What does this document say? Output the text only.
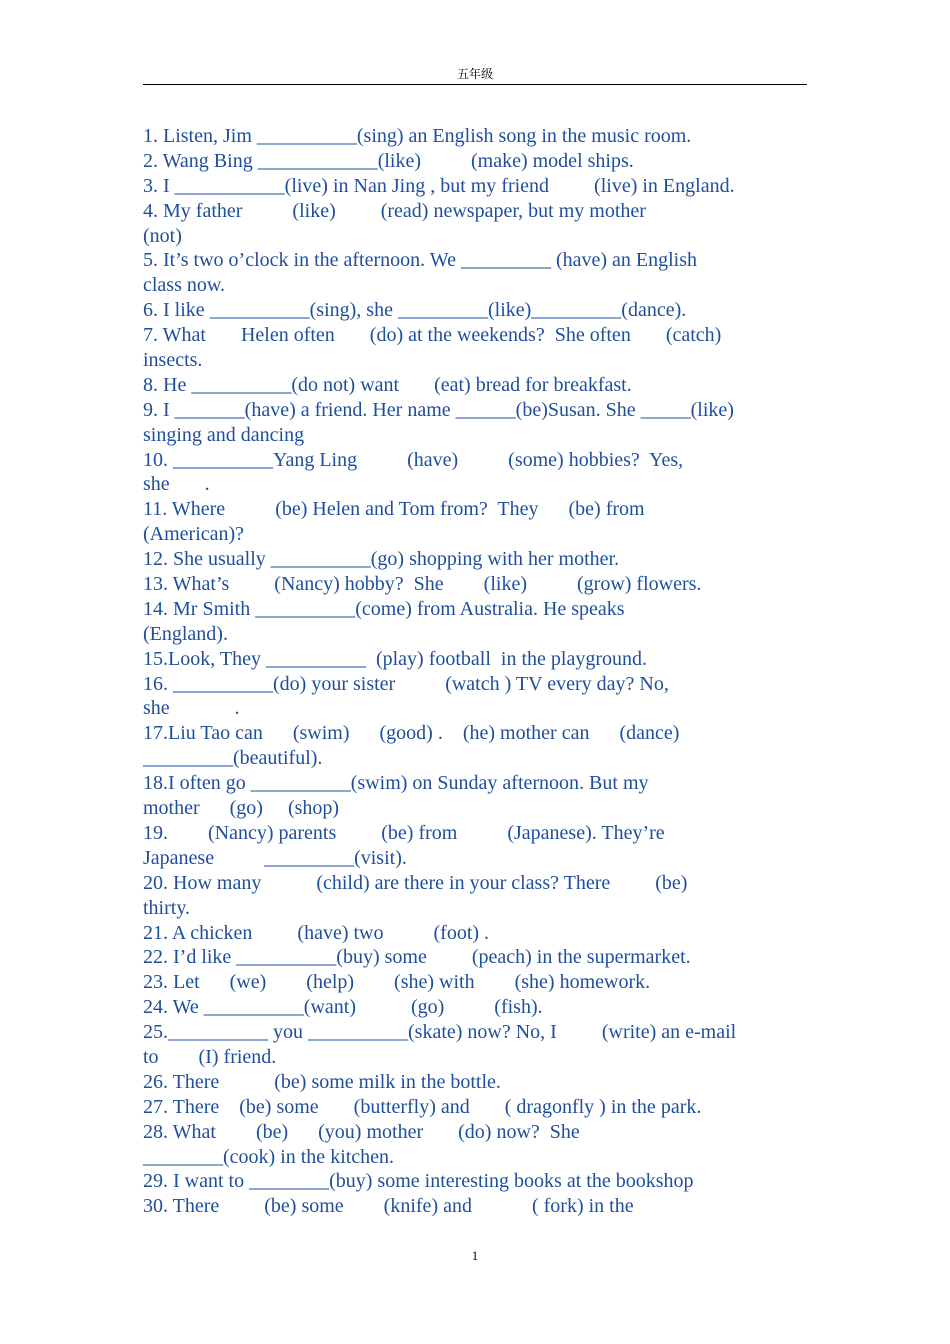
五年级
1. Listen, Jim __________(sing) an English song in the music room.
2. Wang Bing ____________(like)          (make) model ships.
3. I ___________(live) in Nan Jing , but my friend         (live) in England.
4. My father          (like)         (read) newspaper, but my mother
(not)
5. It’s two o’clock in the afternoon. We _________ (have) an English
class now.
6. I like __________(sing), she _________(like)_________(dance).
7. What       Helen often       (do) at the weekends?  She often       (catch)
insects.
8. He __________(do not) want       (eat) bread for breakfast.
9. I _______(have) a friend. Her name ______(be)Susan. She _____(like)
singing and dancing
10. __________Yang Ling          (have)          (some) hobbies?  Yes,
she       .
11. Where          (be) Helen and Tom from?  They      (be) from
(American)?
12. She usually __________(go) shopping with her mother.
13. What’s         (Nancy) hobby?  She        (like)          (grow) flowers.
14. Mr Smith __________(come) from Australia. He speaks
(England).
15.Look, They __________  (play) football  in the playground.
16. __________(do) your sister          (watch ) TV every day? No,
she             .
17.Liu Tao can      (swim)      (good) .    (he) mother can      (dance)
_________(beautiful).
18.I often go __________(swim) on Sunday afternoon. But my
mother      (go)     (shop)
19.        (Nancy) parents         (be) from          (Japanese). They’re
Japanese          _________(visit).
20. How many           (child) are there in your class? There         (be)
thirty.
21. A chicken         (have) two          (foot) .
22. I’d like __________(buy) some         (peach) in the supermarket.
23. Let      (we)        (help)        (she) with        (she) homework.
24. We __________(want)           (go)          (fish).
25.__________ you __________(skate) now? No, I         (write) an e-mail
to        (I) friend.
26. There           (be) some milk in the bottle.
27. There    (be) some       (butterfly) and       ( dragonfly ) in the park.
28. What        (be)      (you) mother       (do) now?  She
________(cook) in the kitchen.
29. I want to ________(buy) some interesting books at the bookshop
30. There         (be) some        (knife) and            ( fork) in the
1
